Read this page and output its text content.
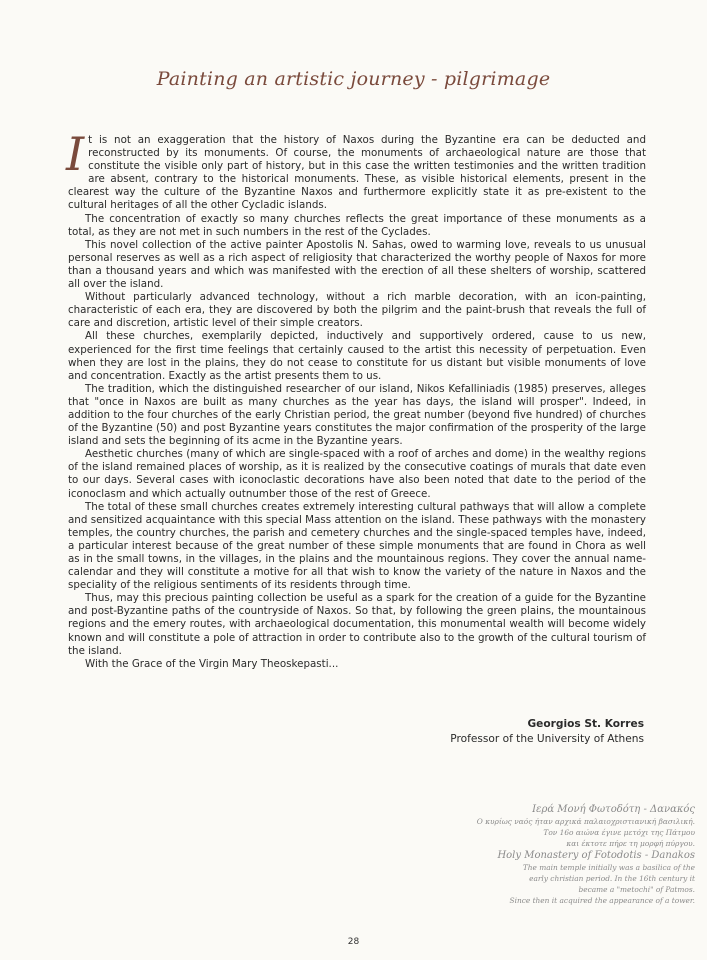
Painting an artistic journey - pilgrimage

It is not an exaggeration that the history of Naxos during the Byzantine era can be deducted and reconstructed by its monuments. Of course, the monuments of archaeological nature are those that constitute the visible only part of history, but in this case the written testimonies and the written tradition are absent, contrary to the historical monuments. These, as visible historical elements, present in the clearest way the culture of the Byzantine Naxos and furthermore explicitly state it as pre-existent to the cultural heritages of all the other Cycladic islands.

The concentration of exactly so many churches reflects the great importance of these monuments as a total, as they are not met in such numbers in the rest of the Cyclades.

This novel collection of the active painter Apostolis N. Sahas, owed to warming love, reveals to us unusual personal reserves as well as a rich aspect of religiosity that characterized the worthy people of Naxos for more than a thousand years and which was manifested with the erection of all these shelters of worship, scattered all over the island.

Without particularly advanced technology, without a rich marble decoration, with an icon-painting, characteristic of each era, they are discovered by both the pilgrim and the paint-brush that reveals the full of care and discretion, artistic level of their simple creators.

All these churches, exemplarily depicted, inductively and supportively ordered, cause to us new, experienced for the first time feelings that certainly caused to the artist this necessity of perpetuation. Even when they are lost in the plains, they do not cease to constitute for us distant but visible monuments of love and concentration. Exactly as the artist presents them to us.

The tradition, which the distinguished researcher of our island, Nikos Kefalliniadis (1985) preserves, alleges that "once in Naxos are built as many churches as the year has days, the island will prosper". Indeed, in addition to the four churches of the early Christian period, the great number (beyond five hundred) of churches of the Byzantine (50) and post Byzantine years constitutes the major confirmation of the prosperity of the large island and sets the beginning of its acme in the Byzantine years.

Aesthetic churches (many of which are single-spaced with a roof of arches and dome) in the wealthy regions of the island remained places of worship, as it is realized by the consecutive coatings of murals that date even to our days. Several cases with iconoclastic decorations have also been noted that date to the period of the iconoclasm and which actually outnumber those of the rest of Greece.

The total of these small churches creates extremely interesting cultural pathways that will allow a complete and sensitized acquaintance with this special Mass attention on the island. These pathways with the monastery temples, the country churches, the parish and cemetery churches and the single-spaced temples have, indeed, a particular interest because of the great number of these simple monuments that are found in Chora as well as in the small towns, in the villages, in the plains and the mountainous regions. They cover the annual name-calendar and they will constitute a motive for all that wish to know the variety of the nature in Naxos and the speciality of the religious sentiments of its residents through time.

Thus, may this precious painting collection be useful as a spark for the creation of a guide for the Byzantine and post-Byzantine paths of the countryside of Naxos. So that, by following the green plains, the mountainous regions and the emery routes, with archaeological documentation, this monumental wealth will become widely known and will constitute a pole of attraction in order to contribute also to the growth of the cultural tourism of the island.

With the Grace of the Virgin Mary Theoskepasti...

Georgios St. Korres
Professor of the University of Athens
Ιερά Μονή Φωτοδότη - Δανακός
Ο κυρίως ναός ήταν αρχικά παλαιοχριστιανική βασιλική.
Τον 16ο αιώνα έγινε μετόχι της Πάτμου
και έκτοτε πήρε τη μορφή πύργου.
Holy Monastery of Fotodotis - Danakos
The main temple initially was a basilica of the
early christian period. In the 16th century it
became a "metochi" of Patmos.
Since then it acquired the appearance of a tower.
28
